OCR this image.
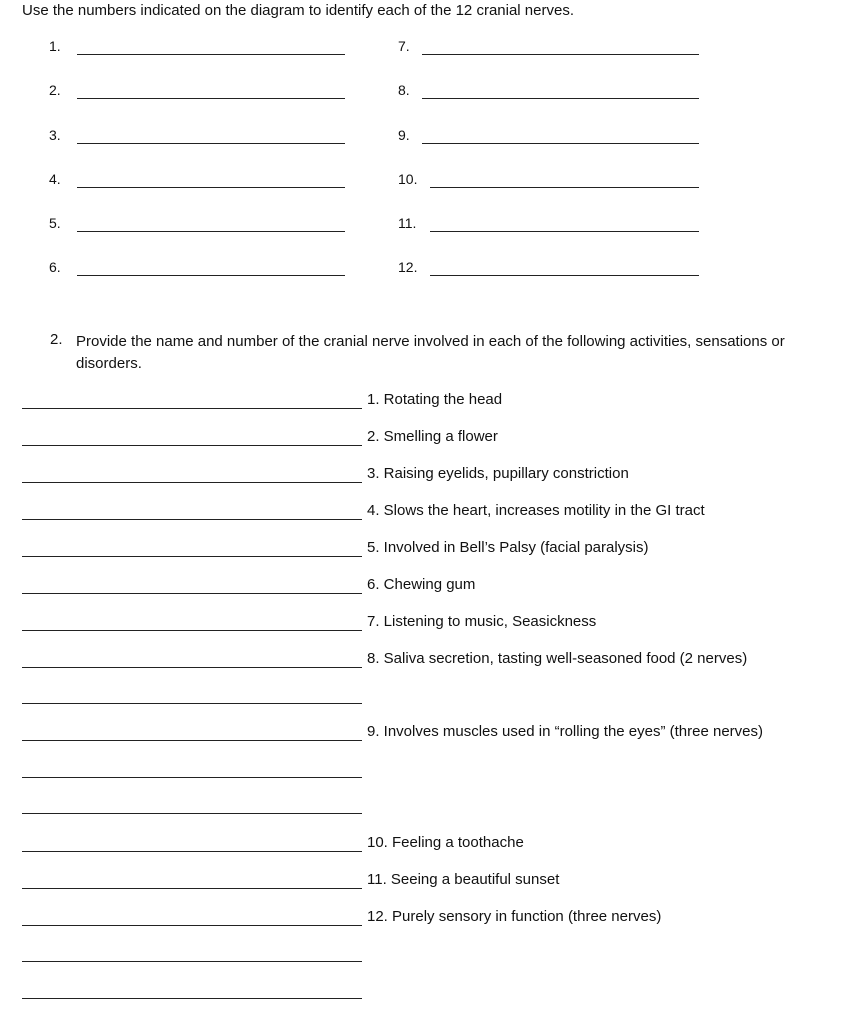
Use the numbers indicated on the diagram to identify each of the 12 cranial nerves.
1.
2.
3.
4.
5.
6.
7.
8.
9.
10.
11.
12.
2. Provide the name and number of the cranial nerve involved in each of the following activities, sensations or disorders.
1. Rotating the head
2. Smelling a flower
3. Raising eyelids, pupillary constriction
4. Slows the heart, increases motility in the GI tract
5. Involved in Bell’s Palsy (facial paralysis)
6. Chewing gum
7. Listening to music, Seasickness
8. Saliva secretion, tasting well-seasoned food (2 nerves)
9. Involves muscles used in “rolling the eyes” (three nerves)
10. Feeling a toothache
11. Seeing a beautiful sunset
12. Purely sensory in function (three nerves)
